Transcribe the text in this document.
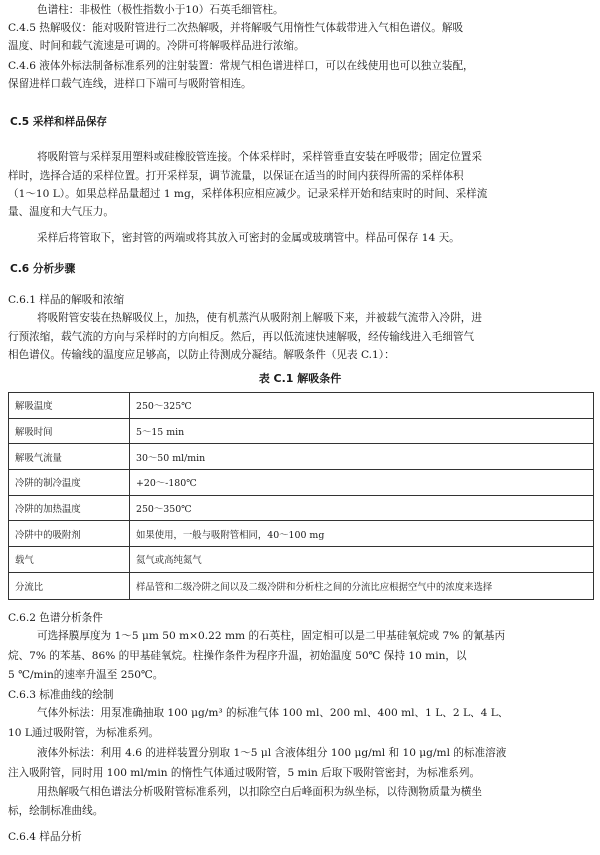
色谱柱：非极性（极性指数小于10）石英毛细管柱。
C.4.5 热解吸仪：能对吸附管进行二次热解吸，并将解吸气用惰性气体载带进入气相色谱仪。解吸
温度、时间和载气流速是可调的。冷阱可将解吸样品进行浓缩。
C.4.6 液体外标法制备标准系列的注射装置：常规气相色谱进样口，可以在线使用也可以独立装配，
保留进样口载气连线，进样口下端可与吸附管相连。
C.5 采样和样品保存
将吸附管与采样泵用塑料或硅橡胶管连接。个体采样时，采样管垂直安装在呼吸带；固定位置采
样时，选择合适的采样位置。打开采样泵，调节流量，以保证在适当的时间内获得所需的采样体积
（1～10 L）。如果总样品量超过 1 mg，采样体积应相应减少。记录采样开始和结束时的时间、采样流
量、温度和大气压力。
采样后将管取下，密封管的两端或将其放入可密封的金属或玻璃管中。样品可保存 14 天。
C.6 分析步骤
C.6.1 样品的解吸和浓缩
将吸附管安装在热解吸仪上，加热，使有机蒸汽从吸附剂上解吸下来，并被载气流带入冷阱，进
行预浓缩，载气流的方向与采样时的方向相反。然后，再以低流速快速解吸，经传输线进入毛细管气
相色谱仪。传输线的温度应足够高，以防止待测成分凝结。解吸条件（见表 C.1）：
表 C.1 解吸条件
解吸温度	250～325℃
解吸时间	5～15 min
解吸气流量	30～50 ml/min
冷阱的制冷温度	+20～-180℃
冷阱的加热温度	250～350℃
冷阱中的吸附剂	如果使用，一般与吸附管相同，40～100 mg
载气	氦气或高纯氮气
分流比	样品管和二级冷阱之间以及二级冷阱和分析柱之间的分流比应根据空气中的浓度来选择
C.6.2 色谱分析条件
可选择膜厚度为 1～5 μm 50 m×0.22 mm 的石英柱，固定相可以是二甲基硅氧烷或 7% 的氰基丙
烷、7% 的苯基、86% 的甲基硅氧烷。柱操作条件为程序升温，初始温度 50℃ 保持 10 min，以
5 ℃/min的速率升温至 250℃。
C.6.3 标准曲线的绘制
气体外标法：用泵准确抽取 100 μg/m³ 的标准气体 100 ml、200 ml、400 ml、1 L、2 L、4 L、
10 L通过吸附管，为标准系列。
液体外标法：利用 4.6 的进样装置分别取 1～5 μl 含液体组分 100 μg/ml 和 10 μg/ml 的标准溶液
注入吸附管，同时用 100 ml/min 的惰性气体通过吸附管，5 min 后取下吸附管密封，为标准系列。
用热解吸气相色谱法分析吸附管标准系列，以扣除空白后峰面积为纵坐标，以待测物质量为横坐
标，绘制标准曲线。
C.6.4 样品分析
